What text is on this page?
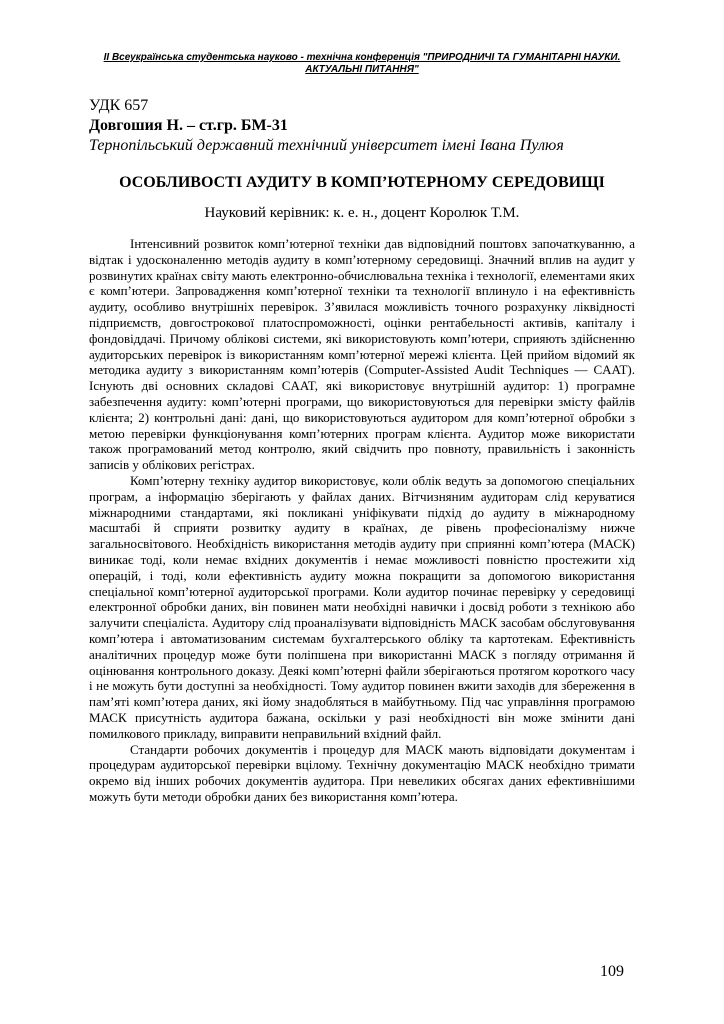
II Всеукраїнська студентська науково - технічна конференція "ПРИРОДНИЧІ ТА ГУМАНІТАРНІ НАУКИ. АКТУАЛЬНІ ПИТАННЯ"
УДК 657
Довгошия Н. – ст.гр. БМ-31
Тернопільський державний технічний університет імені Івана Пулюя
ОСОБЛИВОСТІ АУДИТУ В КОМП’ЮТЕРНОМУ СЕРЕДОВИЩІ
Науковий керівник: к. е. н., доцент Королюк Т.М.

Інтенсивний розвиток комп’ютерної техніки дав відповідний поштовх започаткуванню, а відтак і удосконаленню методів аудиту в комп’ютерному середовищі. Значний вплив на аудит у розвинутих країнах світу мають електронно-обчислювальна техніка і технології, елементами яких є комп’ютери. Запровадження комп’ютерної техніки та технології вплинуло і на ефективність аудиту, особливо внутрішніх перевірок. З’явилася можливість точного розрахунку ліквідності підприємств, довгострокової платоспроможності, оцінки рентабельності активів, капіталу і фондовіддачі. Причому облікові системи, які використовують комп’ютери, сприяють здійсненню аудиторських перевірок із використанням комп’ютерної мережі клієнта. Цей прийом відомий як методика аудиту з використанням комп’ютерів (Computer-Assisted Audit Techniques — CAAT). Існують дві основних складові CAAT, які використовує внутрішній аудитор: 1) програмне забезпечення аудиту: комп’ютерні програми, що використовуються для перевірки змісту файлів клієнта; 2) контрольні дані: дані, що використовуються аудитором для комп’ютерної обробки з метою перевірки функціонування комп’ютерних програм клієнта. Аудитор може використати також програмований метод контролю, який свідчить про повноту, правильність і законність записів у облікових регістрах.

Комп’ютерну техніку аудитор використовує, коли облік ведуть за допомогою спеціальних програм, а інформацію зберігають у файлах даних. Вітчизняним аудиторам слід керуватися міжнародними стандартами, які покликані уніфікувати підхід до аудиту в міжнародному масштабі й сприяти розвитку аудиту в країнах, де рівень професіоналізму нижче загальносвітового. Необхідність використання методів аудиту при сприянні комп’ютера (МАСК) виникає тоді, коли немає вхідних документів і немає можливості повністю простежити хід операцій, і тоді, коли ефективність аудиту можна покращити за допомогою використання спеціальної комп’ютерної аудиторської програми. Коли аудитор починає перевірку у середовищі електронної обробки даних, він повинен мати необхідні навички і досвід роботи з технікою або залучити спеціаліста. Аудитору слід проаналізувати відповідність МАСК засобам обслуговування комп’ютера і автоматизованим системам бухгалтерського обліку та картотекам. Ефективність аналітичних процедур може бути поліпшена при використанні МАСК з погляду отримання й оцінювання контрольного доказу. Деякі комп’ютерні файли зберігаються протягом короткого часу і не можуть бути доступні за необхідності. Тому аудитор повинен вжити заходів для збереження в пам’яті комп’ютера даних, які йому знадобляться в майбутньому. Під час управління програмою МАСК присутність аудитора бажана, оскільки у разі необхідності він може змінити дані помилкового прикладу, виправити неправильний вхідний файл.

Стандарти робочих документів і процедур для МАСК мають відповідати документам і процедурам аудиторської перевірки вцілому. Технічну документацію МАСК необхідно тримати окремо від інших робочих документів аудитора. При невеликих обсягах даних ефективнішими можуть бути методи обробки даних без використання комп’ютера.

109
